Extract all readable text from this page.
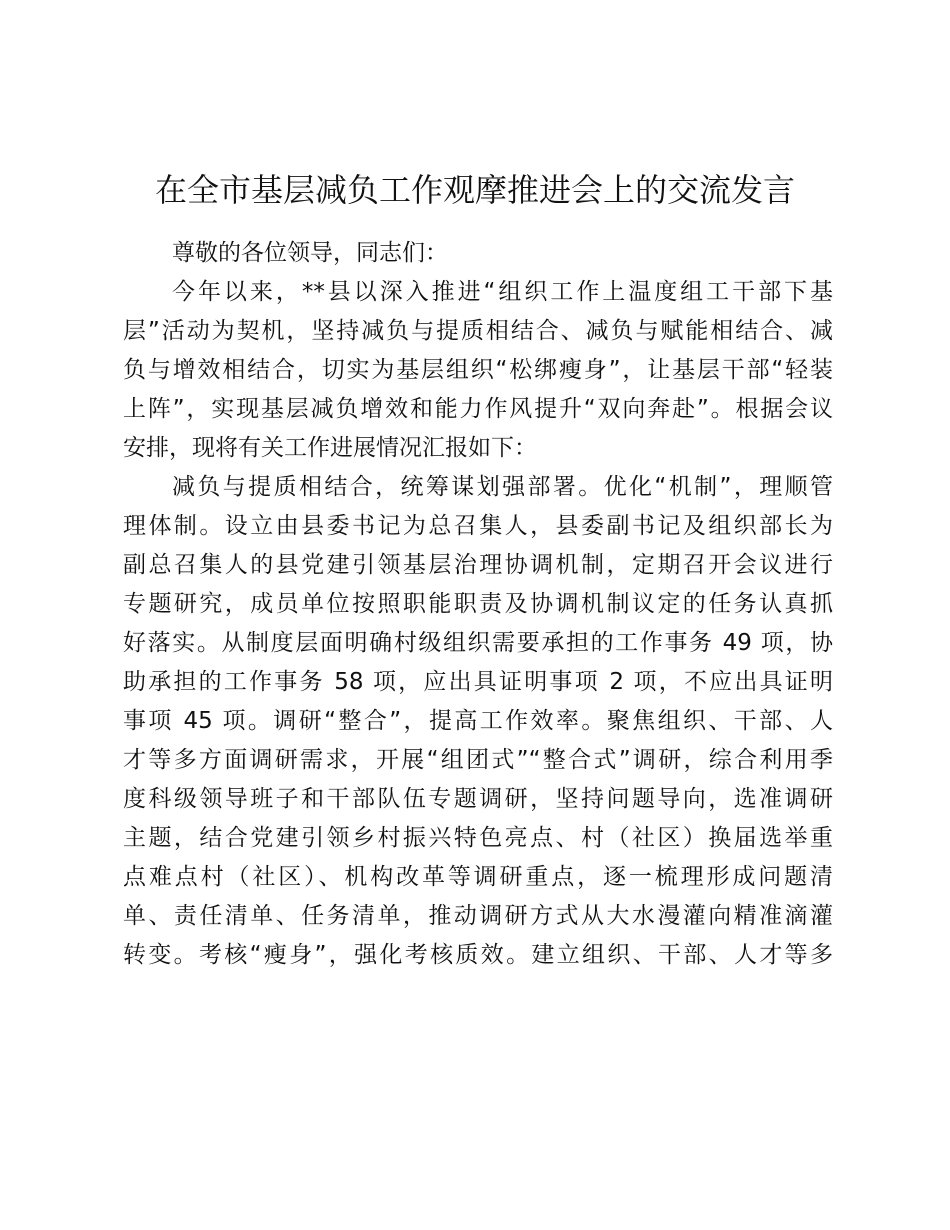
在全市基层减负工作观摩推进会上的交流发言
尊敬的各位领导，同志们：
今年以来，**县以深入推进“组织工作上温度组工干部下基
层”活动为契机，坚持减负与提质相结合、减负与赋能相结合、减
负与增效相结合，切实为基层组织“松绑瘦身”，让基层干部“轻装
上阵”，实现基层减负增效和能力作风提升“双向奔赴”。根据会议
安排，现将有关工作进展情况汇报如下：
减负与提质相结合，统筹谋划强部署。优化“机制”，理顺管
理体制。设立由县委书记为总召集人，县委副书记及组织部长为
副总召集人的县党建引领基层治理协调机制，定期召开会议进行
专题研究，成员单位按照职能职责及协调机制议定的任务认真抓
好落实。从制度层面明确村级组织需要承担的工作事务 49 项，协
助承担的工作事务 58 项，应出具证明事项 2 项，不应出具证明
事项 45 项。调研“整合”，提高工作效率。聚焦组织、干部、人
才等多方面调研需求，开展“组团式”“整合式”调研，综合利用季
度科级领导班子和干部队伍专题调研，坚持问题导向，选准调研
主题，结合党建引领乡村振兴特色亮点、村（社区）换届选举重
点难点村（社区）、机构改革等调研重点，逐一梳理形成问题清
单、责任清单、任务清单，推动调研方式从大水漫灌向精准滴灌
转变。考核“瘦身”，强化考核质效。建立组织、干部、人才等多
